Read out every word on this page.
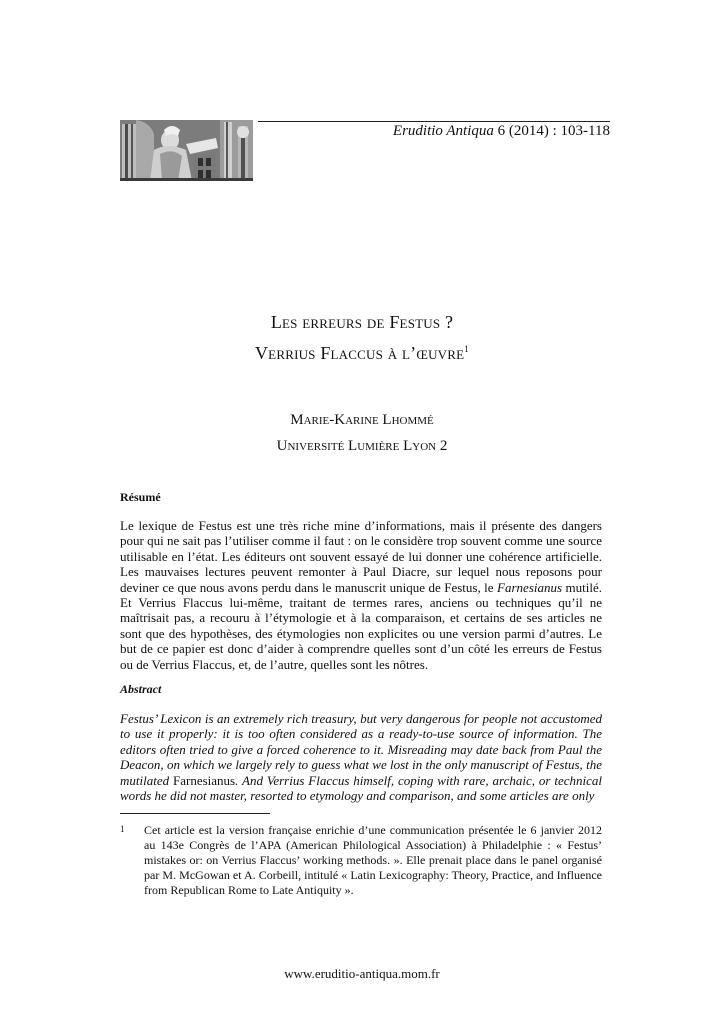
Eruditio Antiqua 6 (2014) : 103-118
Les erreurs de Festus ?
Verrius Flaccus à l’œuvre$^1$
Marie-Karine Lhommé
Université Lumière Lyon 2
Résumé
Le lexique de Festus est une très riche mine d’informations, mais il présente des dangers pour qui ne sait pas l’utiliser comme il faut : on le considère trop souvent comme une source utilisable en l’état. Les éditeurs ont souvent essayé de lui donner une cohérence artificielle. Les mauvaises lectures peuvent remonter à Paul Diacre, sur lequel nous reposons pour deviner ce que nous avons perdu dans le manuscrit unique de Festus, le Farnesianus mutilé. Et Verrius Flaccus lui-même, traitant de termes rares, anciens ou techniques qu’il ne maîtrisait pas, a recouru à l’étymologie et à la comparaison, et certains de ses articles ne sont que des hypothèses, des étymologies non explicites ou une version parmi d’autres. Le but de ce papier est donc d’aider à comprendre quelles sont d’un côté les erreurs de Festus ou de Verrius Flaccus, et, de l’autre, quelles sont les nôtres.
Abstract
Festus’ Lexicon is an extremely rich treasury, but very dangerous for people not accustomed to use it properly: it is too often considered as a ready-to-use source of information. The editors often tried to give a forced coherence to it. Misreading may date back from Paul the Deacon, on which we largely rely to guess what we lost in the only manuscript of Festus, the mutilated Farnesianus. And Verrius Flaccus himself, coping with rare, archaic, or technical words he did not master, resorted to etymology and comparison, and some articles are only
1 Cet article est la version française enrichie d’une communication présentée le 6 janvier 2012 au 143e Congrès de l’APA (American Philological Association) à Philadelphie : « Festus’ mistakes or: on Verrius Flaccus’ working methods. ». Elle prenait place dans le panel organisé par M. McGowan et A. Corbeill, intitulé « Latin Lexicography: Theory, Practice, and Influence from Republican Rome to Late Antiquity ».
www.eruditio-antiqua.mom.fr
